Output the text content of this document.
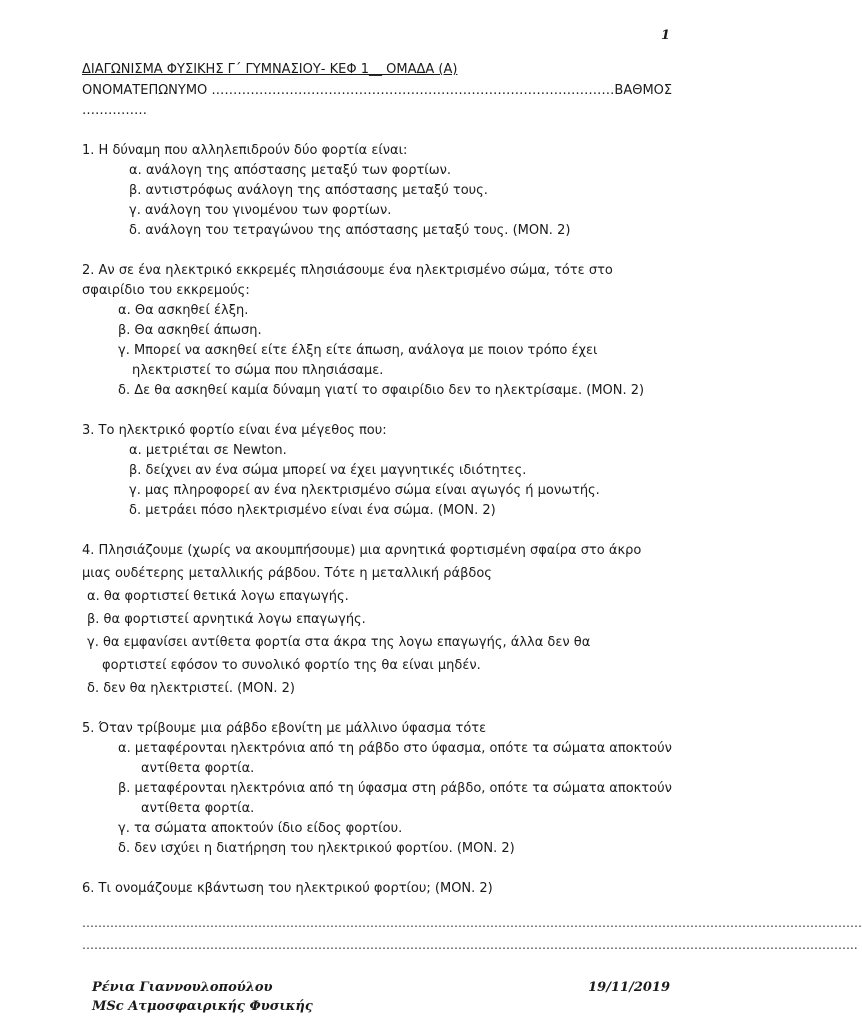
1
ΔΙΑΓΩΝΙΣΜΑ ΦΥΣΙΚΗΣ Γ΄ ΓΥΜΝΑΣΙΟΥ- ΚΕΦ 1__ ΟΜΑΔΑ (Α)
ΟΝΟΜΑΤΕΠΩΝΥΜΟ …………………………………………………………………………………ΒΑΘΜΟΣ ……………
1. Η δύναμη που αλληλεπιδρούν δύο φορτία είναι:
α. ανάλογη της απόστασης μεταξύ των φορτίων.
β. αντιστρόφως ανάλογη της απόστασης μεταξύ τους.
γ. ανάλογη του γινομένου των φορτίων.
δ. ανάλογη του τετραγώνου της απόστασης μεταξύ τους. (ΜΟΝ. 2)
2. Αν σε ένα ηλεκτρικό εκκρεμές πλησιάσουμε ένα ηλεκτρισμένο σώμα, τότε στο
σφαιρίδιο του εκκρεμούς:
α. Θα ασκηθεί έλξη.
β. Θα ασκηθεί άπωση.
γ. Μπορεί να ασκηθεί είτε έλξη είτε άπωση, ανάλογα με ποιον τρόπο έχει
ηλεκτριστεί το σώμα που πλησιάσαμε.
δ. Δε θα ασκηθεί καμία δύναμη γιατί το σφαιρίδιο δεν το ηλεκτρίσαμε. (ΜΟΝ. 2)
3. Το ηλεκτρικό φορτίο είναι ένα μέγεθος που:
α. μετριέται σε Newton.
β. δείχνει αν ένα σώμα μπορεί να έχει μαγνητικές ιδιότητες.
γ. μας πληροφορεί αν ένα ηλεκτρισμένο σώμα είναι αγωγός ή μονωτής.
δ. μετράει πόσο ηλεκτρισμένο είναι ένα σώμα. (ΜΟΝ. 2)
4. Πλησιάζουμε (χωρίς να ακουμπήσουμε) μια αρνητικά φορτισμένη σφαίρα στο άκρο
μιας ουδέτερης μεταλλικής ράβδου. Τότε η μεταλλική ράβδος
α. θα φορτιστεί θετικά λογω επαγωγής.
β. θα φορτιστεί αρνητικά λογω επαγωγής.
γ. θα εμφανίσει αντίθετα φορτία στα άκρα της λογω επαγωγής, άλλα δεν θα
φορτιστεί εφόσον το συνολικό φορτίο της θα είναι μηδέν.
δ. δεν θα ηλεκτριστεί. (ΜΟΝ. 2)
5. Όταν τρίβουμε μια ράβδο εβονίτη με μάλλινο ύφασμα τότε
α. μεταφέρονται ηλεκτρόνια από τη ράβδο στο ύφασμα, οπότε τα σώματα αποκτούν
αντίθετα φορτία.
β. μεταφέρονται ηλεκτρόνια από τη ύφασμα στη ράβδο, οπότε τα σώματα αποκτούν
αντίθετα φορτία.
γ. τα σώματα αποκτούν ίδιο είδος φορτίου.
δ. δεν ισχύει η διατήρηση του ηλεκτρικού φορτίου. (ΜΟΝ. 2)
6. Τι ονομάζουμε κβάντωση του ηλεκτρικού φορτίου; (ΜΟΝ. 2)
……………………………………………………………………………………………………………………………………………………………………………
…………………………………………………………………………………………………………………………………………………………………………..
Ρένια Γιαννουλοπούλου
MSc Ατμοσφαιρικής Φυσικής
19/11/2019
